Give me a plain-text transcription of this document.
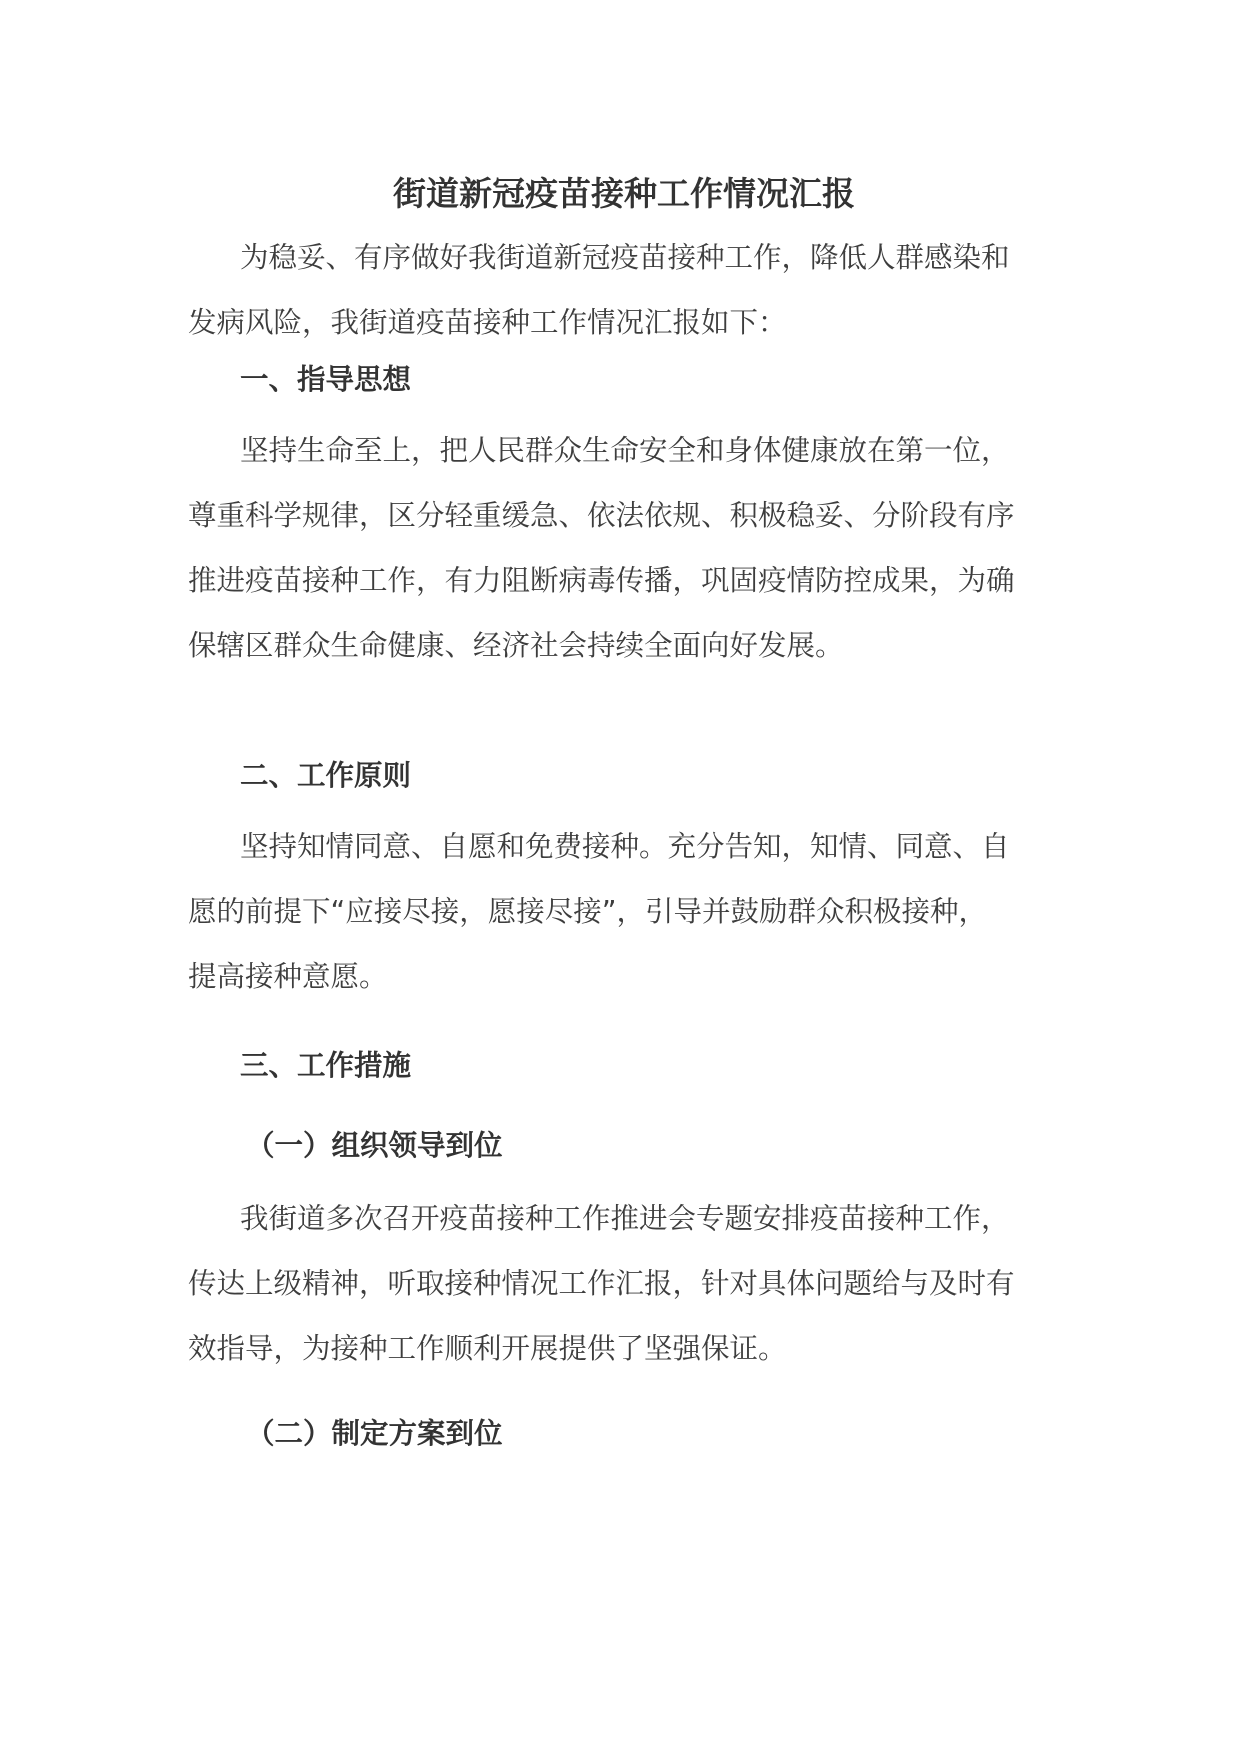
街道新冠疫苗接种工作情况汇报

为稳妥、有序做好我街道新冠疫苗接种工作，降低人群感染和
发病风险，我街道疫苗接种工作情况汇报如下：

一、指导思想

坚持生命至上，把人民群众生命安全和身体健康放在第一位，
尊重科学规律，区分轻重缓急、依法依规、积极稳妥、分阶段有序
推进疫苗接种工作，有力阻断病毒传播，巩固疫情防控成果，为确
保辖区群众生命健康、经济社会持续全面向好发展。

二、工作原则

坚持知情同意、自愿和免费接种。充分告知，知情、同意、自
愿的前提下“应接尽接，愿接尽接”，引导并鼓励群众积极接种，
提高接种意愿。

三、工作措施
（一）组织领导到位

我街道多次召开疫苗接种工作推进会专题安排疫苗接种工作，
传达上级精神，听取接种情况工作汇报，针对具体问题给与及时有
效指导，为接种工作顺利开展提供了坚强保证。

（二）制定方案到位
